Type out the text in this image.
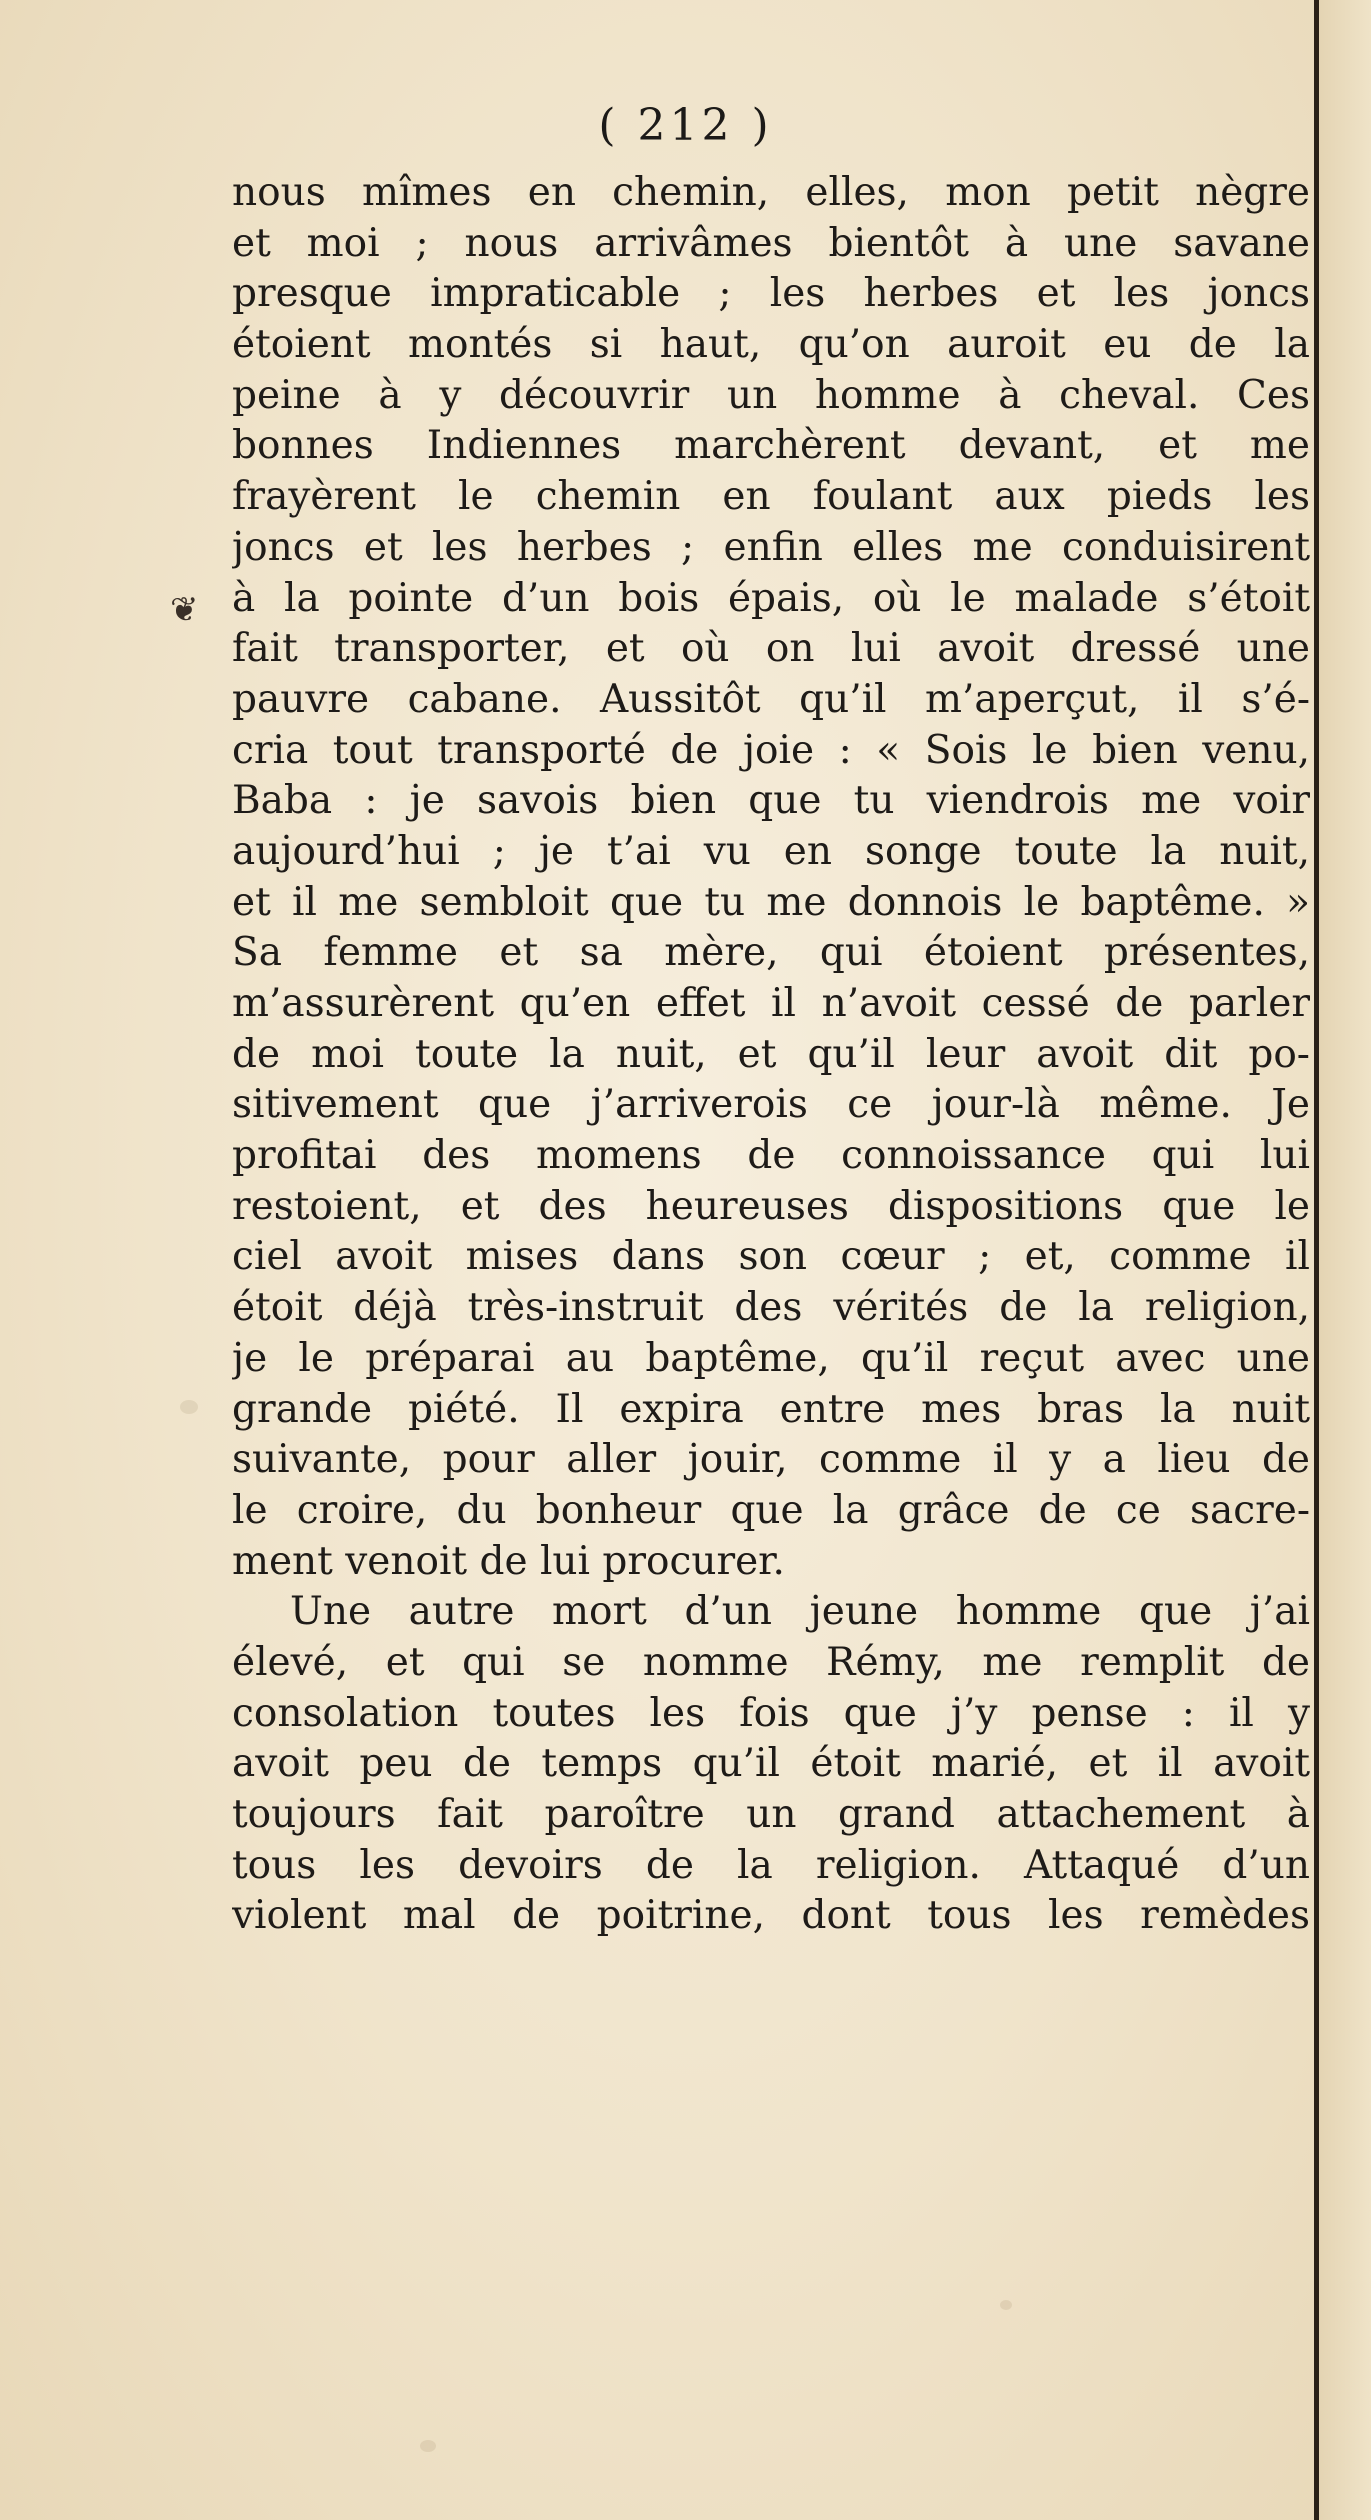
( 212 )
❦
nous mîmes en chemin, elles, mon petit nègre
et moi ; nous arrivâmes bientôt à une savane
presque impraticable ; les herbes et les joncs
étoient montés si haut, qu’on auroit eu de la
peine à y découvrir un homme à cheval. Ces
bonnes Indiennes marchèrent devant, et me
frayèrent le chemin en foulant aux pieds les
joncs et les herbes ; enfin elles me conduisirent
à la pointe d’un bois épais, où le malade s’étoit
fait transporter, et où on lui avoit dressé une
pauvre cabane. Aussitôt qu’il m’aperçut, il s’é-
cria tout transporté de joie : « Sois le bien venu,
Baba : je savois bien que tu viendrois me voir
aujourd’hui ; je t’ai vu en songe toute la nuit,
et il me sembloit que tu me donnois le baptême. »
Sa femme et sa mère, qui étoient présentes,
m’assurèrent qu’en effet il n’avoit cessé de parler
de moi toute la nuit, et qu’il leur avoit dit po-
sitivement que j’arriverois ce jour-là même. Je
profitai des momens de connoissance qui lui
restoient, et des heureuses dispositions que le
ciel avoit mises dans son cœur ; et, comme il
étoit déjà très-instruit des vérités de la religion,
je le préparai au baptême, qu’il reçut avec une
grande piété. Il expira entre mes bras la nuit
suivante, pour aller jouir, comme il y a lieu de
le croire, du bonheur que la grâce de ce sacre-
ment venoit de lui procurer.
Une autre mort d’un jeune homme que j’ai
élevé, et qui se nomme Rémy, me remplit de
consolation toutes les fois que j’y pense : il y
avoit peu de temps qu’il étoit marié, et il avoit
toujours fait paroître un grand attachement à
tous les devoirs de la religion. Attaqué d’un
violent mal de poitrine, dont tous les remèdes
